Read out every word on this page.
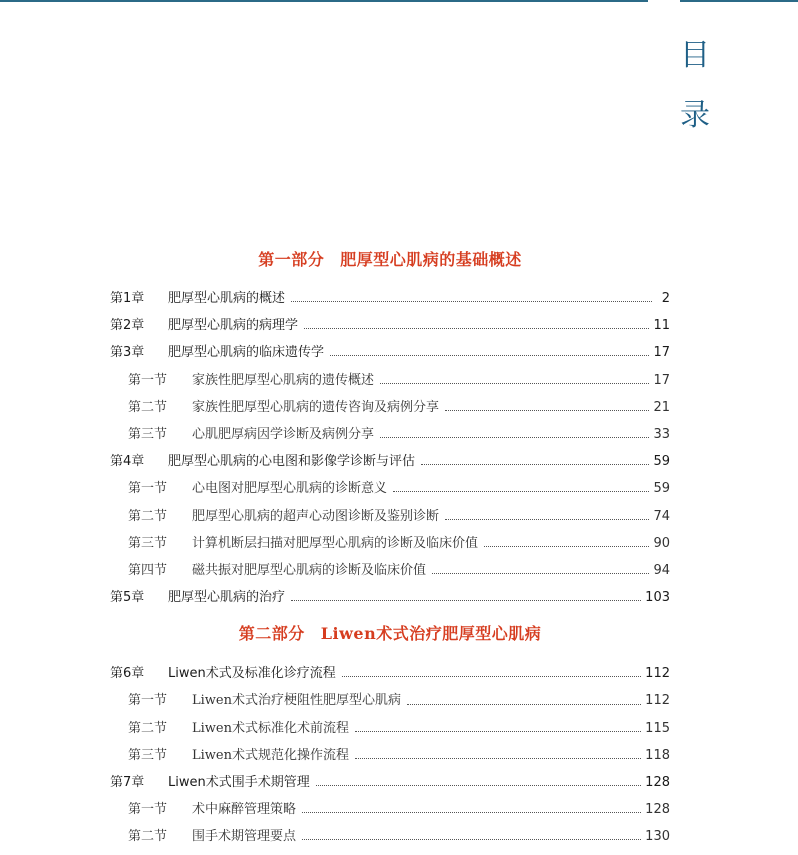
目
录
第一部分 肥厚型心肌病的基础概述
第1章	肥厚型心肌病的概述	2
第2章	肥厚型心肌病的病理学	11
第3章	肥厚型心肌病的临床遗传学	17
第一节	家族性肥厚型心肌病的遗传概述	17
第二节	家族性肥厚型心肌病的遗传咨询及病例分享	21
第三节	心肌肥厚病因学诊断及病例分享	33
第4章	肥厚型心肌病的心电图和影像学诊断与评估	59
第一节	心电图对肥厚型心肌病的诊断意义	59
第二节	肥厚型心肌病的超声心动图诊断及鉴别诊断	74
第三节	计算机断层扫描对肥厚型心肌病的诊断及临床价值	90
第四节	磁共振对肥厚型心肌病的诊断及临床价值	94
第5章	肥厚型心肌病的治疗	103
第二部分 Liwen术式治疗肥厚型心肌病
第6章	Liwen术式及标准化诊疗流程	112
第一节	Liwen术式治疗梗阻性肥厚型心肌病	112
第二节	Liwen术式标准化术前流程	115
第三节	Liwen术式规范化操作流程	118
第7章	Liwen术式围手术期管理	128
第一节	术中麻醉管理策略	128
第二节	围手术期管理要点	130
